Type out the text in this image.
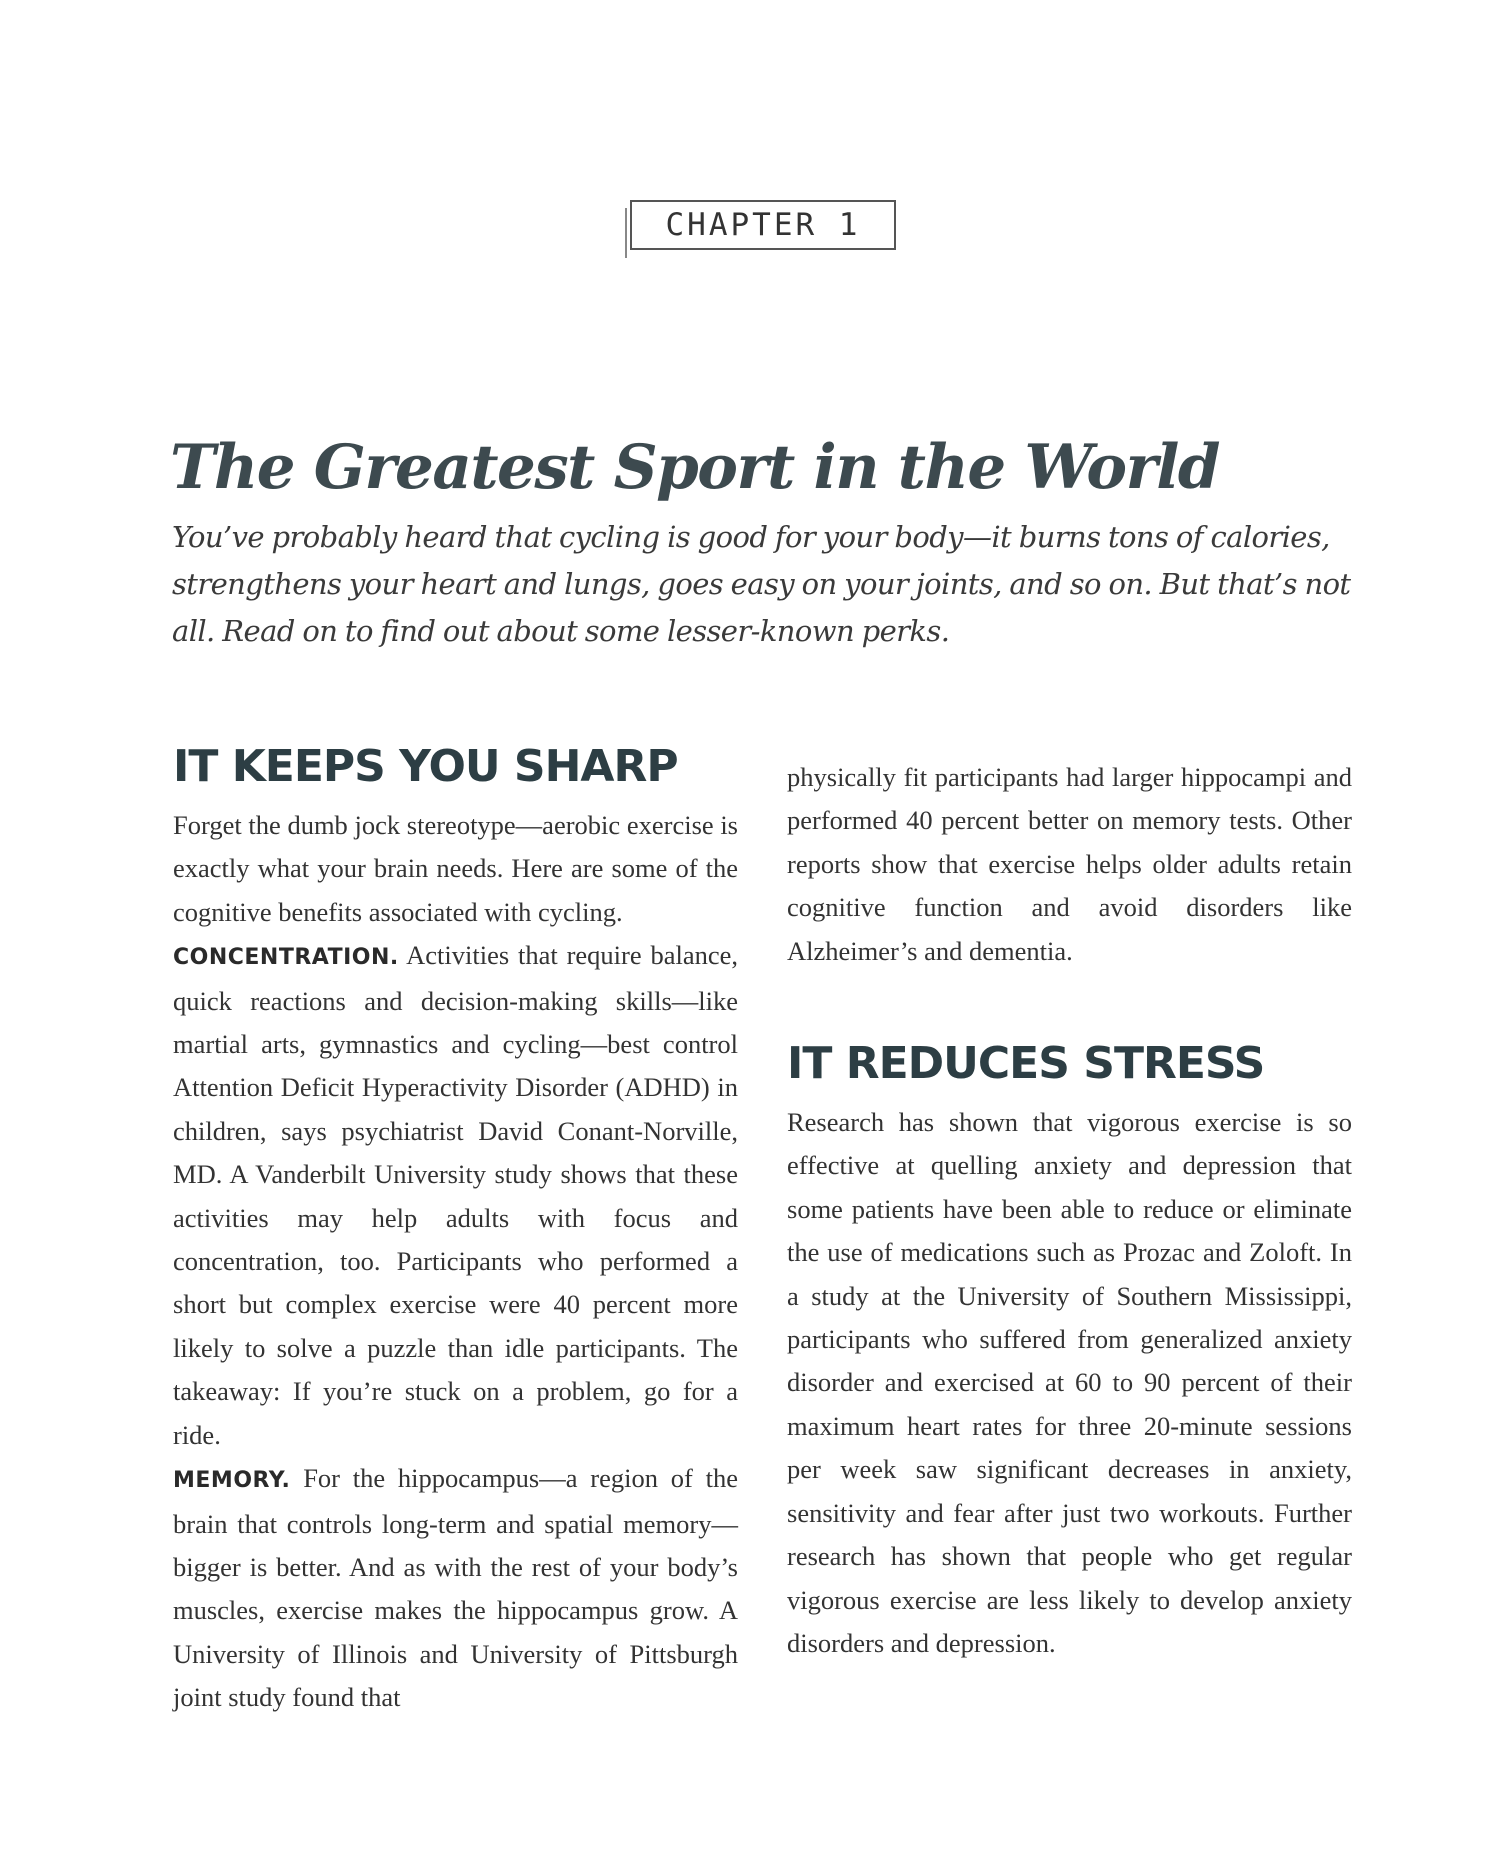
CHAPTER 1
The Greatest Sport in the World

You’ve probably heard that cycling is good for your body—it burns tons of calories, strengthens your heart and lungs, goes easy on your joints, and so on. But that’s not all. Read on to find out about some lesser-known perks.

IT KEEPS YOU SHARP

Forget the dumb jock stereotype—aerobic exercise is exactly what your brain needs. Here are some of the cognitive benefits associated with cycling.

CONCENTRATION. Activities that require balance, quick reactions and decision-making skills—like martial arts, gymnastics and cycling—best control Attention Deficit Hyperactivity Disorder (ADHD) in children, says psychiatrist David Conant-Norville, MD. A Vanderbilt University study shows that these activities may help adults with focus and concentration, too. Participants who performed a short but complex exercise were 40 percent more likely to solve a puzzle than idle participants. The takeaway: If you’re stuck on a problem, go for a ride.

MEMORY. For the hippocampus—a region of the brain that controls long-term and spatial memory—bigger is better. And as with the rest of your body’s muscles, exercise makes the hippocampus grow. A University of Illinois and University of Pittsburgh joint study found that

physically fit participants had larger hippocampi and performed 40 percent better on memory tests. Other reports show that exercise helps older adults retain cognitive function and avoid disorders like Alzheimer’s and dementia.

IT REDUCES STRESS

Research has shown that vigorous exercise is so effective at quelling anxiety and depression that some patients have been able to reduce or eliminate the use of medications such as Prozac and Zoloft. In a study at the University of Southern Mississippi, participants who suffered from generalized anxiety disorder and exercised at 60 to 90 percent of their maximum heart rates for three 20-minute sessions per week saw significant decreases in anxiety, sensitivity and fear after just two workouts. Further research has shown that people who get regular vigorous exercise are less likely to develop anxiety disorders and depression.
